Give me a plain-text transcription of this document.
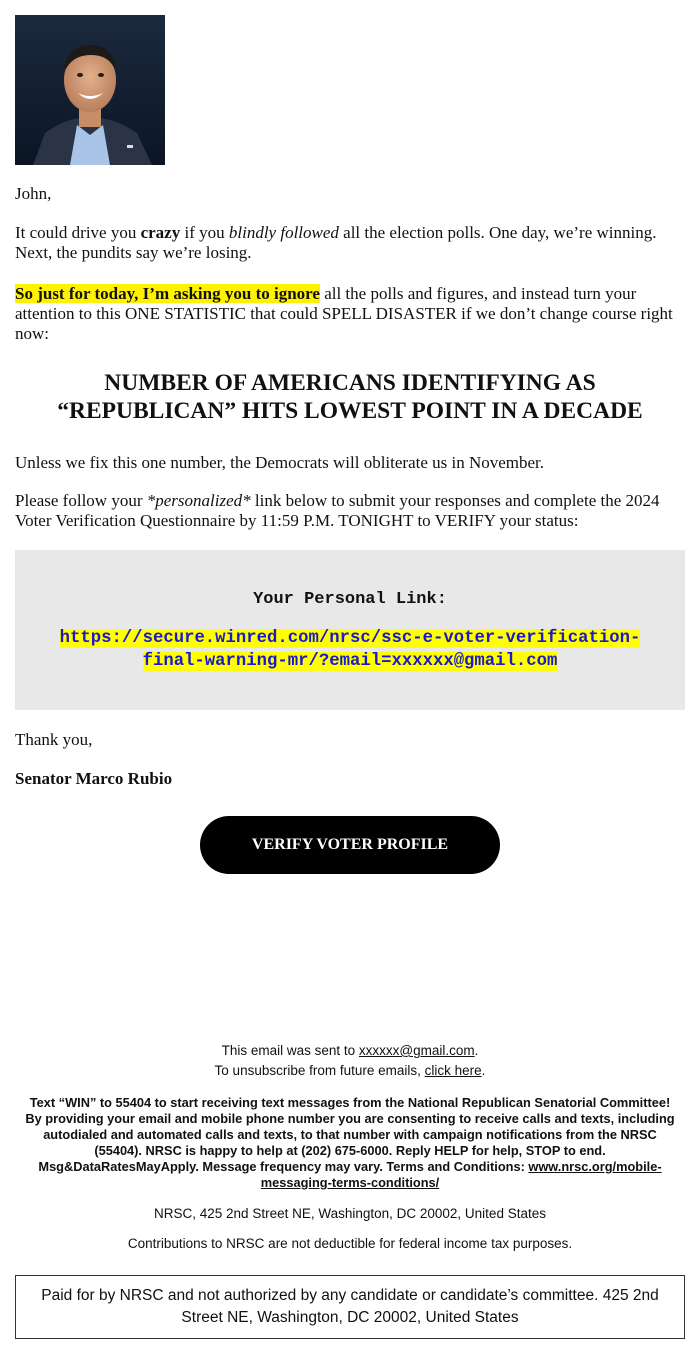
John,

It could drive you crazy if you blindly followed all the election polls. One day, we’re winning. Next, the pundits say we’re losing.

So just for today, I’m asking you to ignore all the polls and figures, and instead turn your attention to this ONE STATISTIC that could SPELL DISASTER if we don’t change course right now:

NUMBER OF AMERICANS IDENTIFYING AS “REPUBLICAN” HITS LOWEST POINT IN A DECADE

Unless we fix this one number, the Democrats will obliterate us in November.

Please follow your *personalized* link below to submit your responses and complete the 2024 Voter Verification Questionnaire by 11:59 P.M. TONIGHT to VERIFY your status:

Your Personal Link:
https://secure.winred.com/nrsc/ssc-e-voter-verification-final-warning-mr/?email=xxxxxx@gmail.com

Thank you,

Senator Marco Rubio

VERIFY VOTER PROFILE

This email was sent to xxxxxx@gmail.com.

To unsubscribe from future emails, click here.

Text “WIN” to 55404 to start receiving text messages from the National Republican Senatorial Committee! By providing your email and mobile phone number you are consenting to receive calls and texts, including autodialed and automated calls and texts, to that number with campaign notifications from the NRSC (55404). NRSC is happy to help at (202) 675-6000. Reply HELP for help, STOP to end. Msg&DataRatesMayApply. Message frequency may vary. Terms and Conditions: www.nrsc.org/mobile-messaging-terms-conditions/

NRSC, 425 2nd Street NE, Washington, DC 20002, United States

Contributions to NRSC are not deductible for federal income tax purposes.

Paid for by NRSC and not authorized by any candidate or candidate’s committee. 425 2nd Street NE, Washington, DC 20002, United States
